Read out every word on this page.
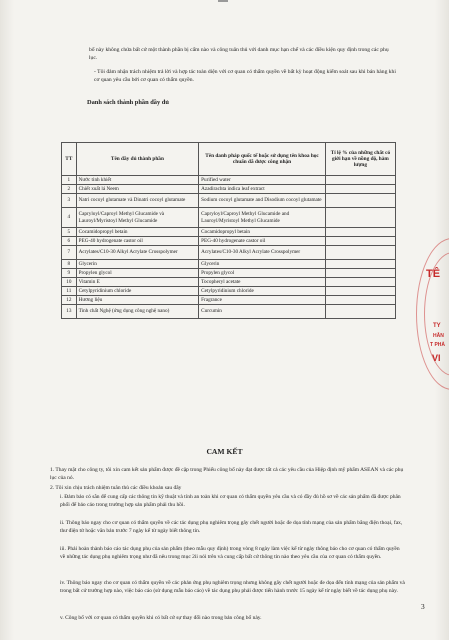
bố này không chứa bất cứ một thành phần bị cấm nào và công tuân thủ với danh mục hạn chế và các điều kiện quy định trong các phụ lục.
- Tôi đảm nhận trách nhiệm trả lời và hợp tác toàn diện với cơ quan có thẩm quyền về bất kỳ hoạt động kiểm soát sau khi bán hàng khi cơ quan yêu cầu bởi cơ quan có thẩm quyền.
Danh sách thành phần đầy đủ
TT	Tên đầy đủ thành phần	Tên danh pháp quốc tế hoặc sử dụng tên khoa học chuẩn đã được công nhận	Tỉ lệ % của những chất có giới hạn về nồng độ, hàm lượng
1	Nước tinh khiết	Purified water	
2	Chiết xuất lá Neem	Azadirachta indica leaf extract	
3	Natri cocoyl glutamate và Dinatri cocoyl glutamate	Sodium cocoyl glutamate and Disodium cocoyl glutamate	
4	Capryloyl/Caproyl Methyl Glucamide và Lauroyl/Myristoyl Methyl Glucamide	Capryloyl/Caproyl Methyl Glucamide and Lauroyl/Myristoyl Methyl Glucamide	
5	Cocamidopropyl betain	Cocamidopropyl betain	
6	PEG-40 hydrogenate castor oil	PEG-40 hydrogenate castor oil	
7	Acrylates/C10-30 Alkyl Acrylate Crosspolymer	Acrylates/C10-30 Alkyl Acrylate Crosspolymer	
8	Glycerin	Glycerin	
9	Propylen glycol	Propylen glycol	
10	Vitamin E	Tocopheryl acetate	
11	Cetylpyridinium chloride	Cetylpyridinium chloride	
12	Hương liệu	Fragrance	
13	Tinh chất Nghệ (ứng dụng công nghệ nano)	Curcumin	
CAM KẾT
1. Thay mặt cho công ty, tôi xin cam kết sản phẩm được đề cập trong Phiếu công bố này đạt được tất cả các yêu cầu của Hiệp định mỹ phẩm ASEAN và các phụ lục của nó.
2. Tôi xin chịu trách nhiệm tuân thủ các điều khoản sau đây
i. Đảm bảo có sẵn để cung cấp các thông tin kỹ thuật và tính an toàn khi cơ quan có thẩm quyền yêu cầu và có đầy đủ hồ sơ về các sản phẩm đã được phân phối để bảo cáo trong trường hợp sản phẩm phải thu hồi.
ii. Thông báo ngay cho cơ quan có thẩm quyền về các tác dụng phụ nghiêm trọng gây chết người hoặc đe dọa tính mạng của sản phẩm bằng điện thoại, fax, thư điện tử hoặc văn bản trước 7 ngày kể từ ngày biết thông tin.
iii. Phải hoàn thành báo cáo tác dụng phụ của sản phẩm (theo mẫu quy định) trong vòng 8 ngày làm việc kể từ ngày thông báo cho cơ quan có thẩm quyền về những tác dụng phụ nghiêm trọng như đã nêu trong mục 2ii nói trên và cung cấp bất cứ thông tin nào theo yêu cầu của cơ quan có thẩm quyền.
iv. Thông báo ngay cho cơ quan có thẩm quyền về các phản ứng phụ nghiêm trọng nhưng không gây chết người hoặc đe dọa đến tính mạng của sản phẩm và trong bất cứ trường hợp nào, việc báo cáo (sử dụng mẫu báo cáo) về tác dụng phụ phải được tiến hành trước 15 ngày kể từ ngày biết về tác dụng phụ này.
v. Công bố với cơ quan có thẩm quyền khi có bất cứ sự thay đổi nào trong bản công bố này.
3
TÊ
TY
HÂN
T PHẨ
VI
